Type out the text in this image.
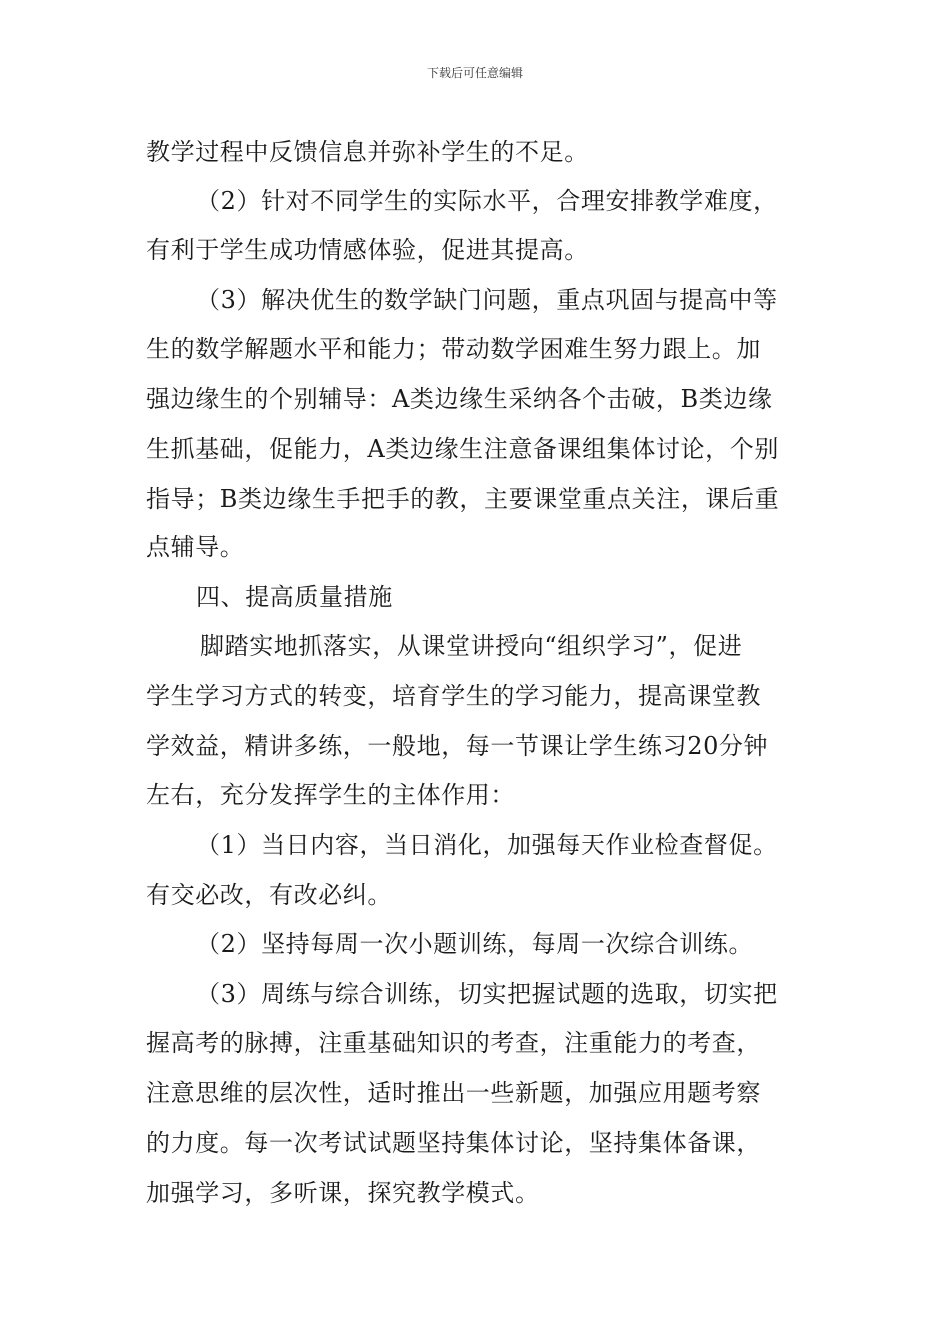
下载后可任意编辑
教学过程中反馈信息并弥补学生的不足。
（2）针对不同学生的实际水平，合理安排教学难度，
有利于学生成功情感体验，促进其提高。
（3）解决优生的数学缺门问题，重点巩固与提高中等
生的数学解题水平和能力；带动数学困难生努力跟上。加
强边缘生的个别辅导：A类边缘生采纳各个击破，B类边缘
生抓基础，促能力，A类边缘生注意备课组集体讨论，个别
指导；B类边缘生手把手的教，主要课堂重点关注，课后重
点辅导。
四、提高质量措施
脚踏实地抓落实，从课堂讲授向“组织学习”，促进
学生学习方式的转变，培育学生的学习能力，提高课堂教
学效益，精讲多练，一般地，每一节课让学生练习20分钟
左右，充分发挥学生的主体作用：
（1）当日内容，当日消化，加强每天作业检查督促。
有交必改，有改必纠。
（2）坚持每周一次小题训练，每周一次综合训练。
（3）周练与综合训练，切实把握试题的选取，切实把
握高考的脉搏，注重基础知识的考查，注重能力的考查，
注意思维的层次性，适时推出一些新题，加强应用题考察
的力度。每一次考试试题坚持集体讨论，坚持集体备课，
加强学习，多听课，探究教学模式。
